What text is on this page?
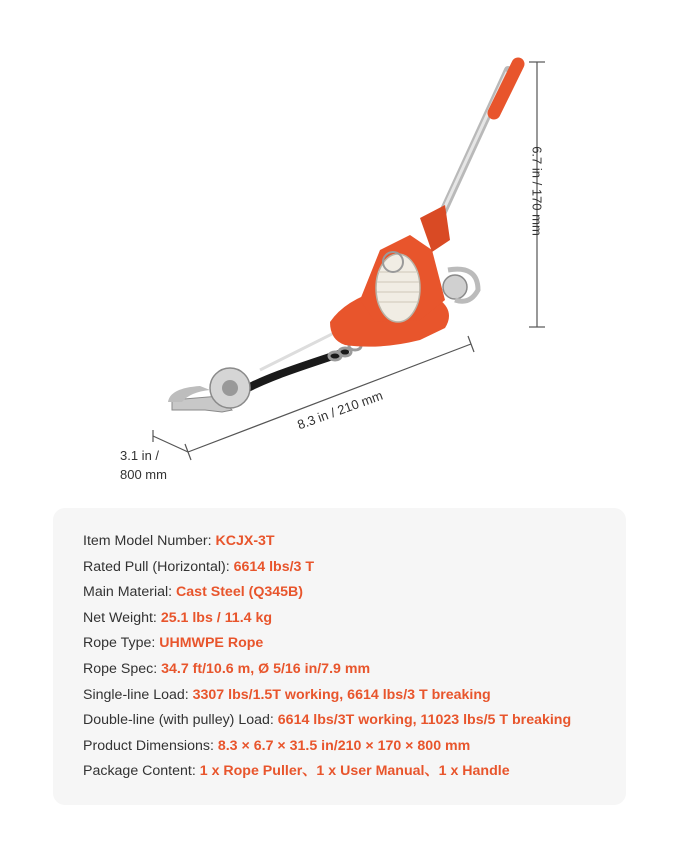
6.7 in / 170 mm
8.3 in / 210 mm
3.1 in /
800 mm
Item Model Number: KCJX-3T
Rated Pull (Horizontal): 6614 lbs/3 T
Main Material: Cast Steel (Q345B)
Net Weight: 25.1 lbs / 11.4 kg
Rope Type: UHMWPE Rope
Rope Spec: 34.7 ft/10.6 m, Ø 5/16 in/7.9 mm
Single-line Load: 3307 lbs/1.5T working, 6614 lbs/3 T breaking
Double-line (with pulley) Load: 6614 lbs/3T working, 11023 lbs/5 T breaking
Product Dimensions: 8.3 × 6.7 × 31.5 in/210 × 170 × 800 mm
Package Content: 1 x Rope Puller、1 x User Manual、1 x Handle
